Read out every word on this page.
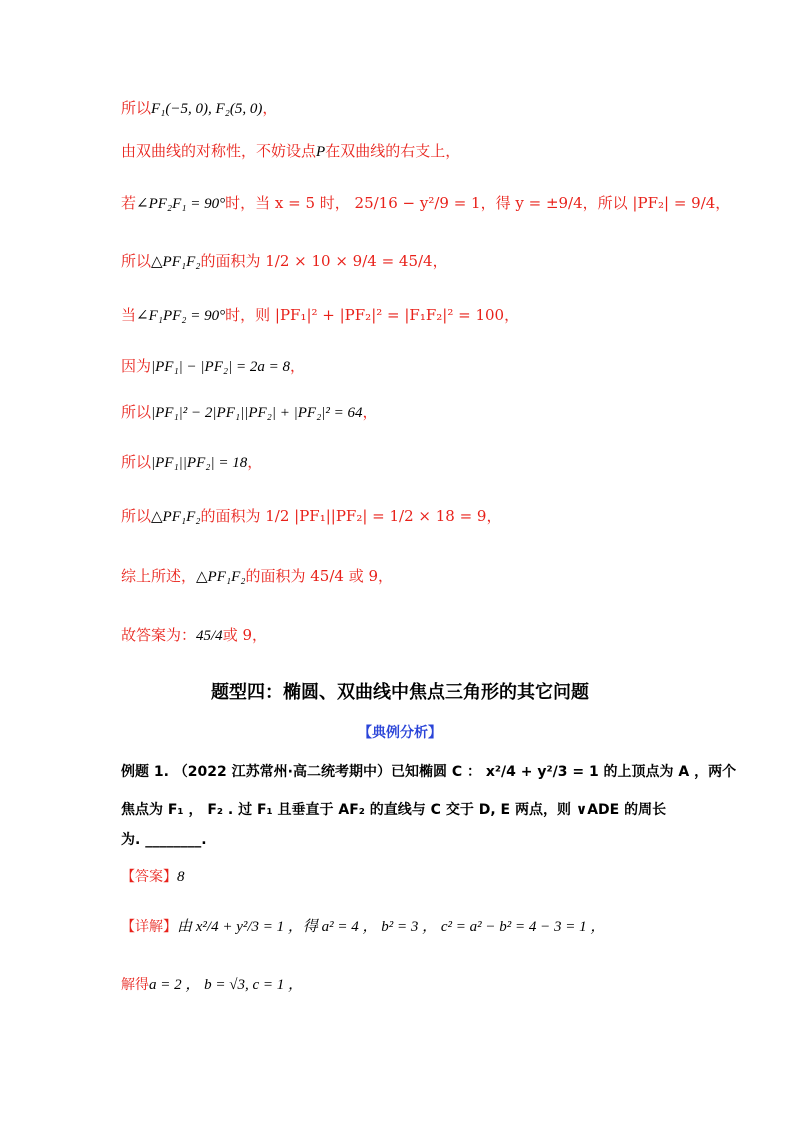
所以F₁(−5, 0), F₂(5, 0)，
由双曲线的对称性，不妨设点P在双曲线的右支上，
若∠PF₂F₁ = 90°时，当 x = 5 时， 25/16 − y²/9 = 1，得 y = ±9/4，所以 |PF₂| = 9/4，
所以△PF₁F₂的面积为 1/2 × 10 × 9/4 = 45/4，
当∠F₁PF₂ = 90°时，则 |PF₁|² + |PF₂|² = |F₁F₂|² = 100，
因为|PF₁| − |PF₂| = 2a = 8，
所以|PF₁|² − 2|PF₁||PF₂| + |PF₂|² = 64，
所以|PF₁||PF₂| = 18，
所以△PF₁F₂的面积为 1/2 |PF₁||PF₂| = 1/2 × 18 = 9，
综上所述，△PF₁F₂的面积为 45/4 或 9，
故答案为：45/4或 9，
题型四：椭圆、双曲线中焦点三角形的其它问题
【典例分析】
例题 1. （2022 江苏常州·高二统考期中）已知椭圆 C ： x²/4 + y²/3 = 1 的上顶点为 A ，两个
焦点为 F₁ ， F₂ . 过 F₁ 且垂直于 AF₂ 的直线与 C 交于 D, E 两点，则 ∨ADE 的周长
为. ________.
【答案】8
【详解】由 x²/4 + y²/3 = 1 ，得 a² = 4 ， b² = 3 ， c² = a² − b² = 4 − 3 = 1 ，
解得a = 2 ， b = √3, c = 1 ，
